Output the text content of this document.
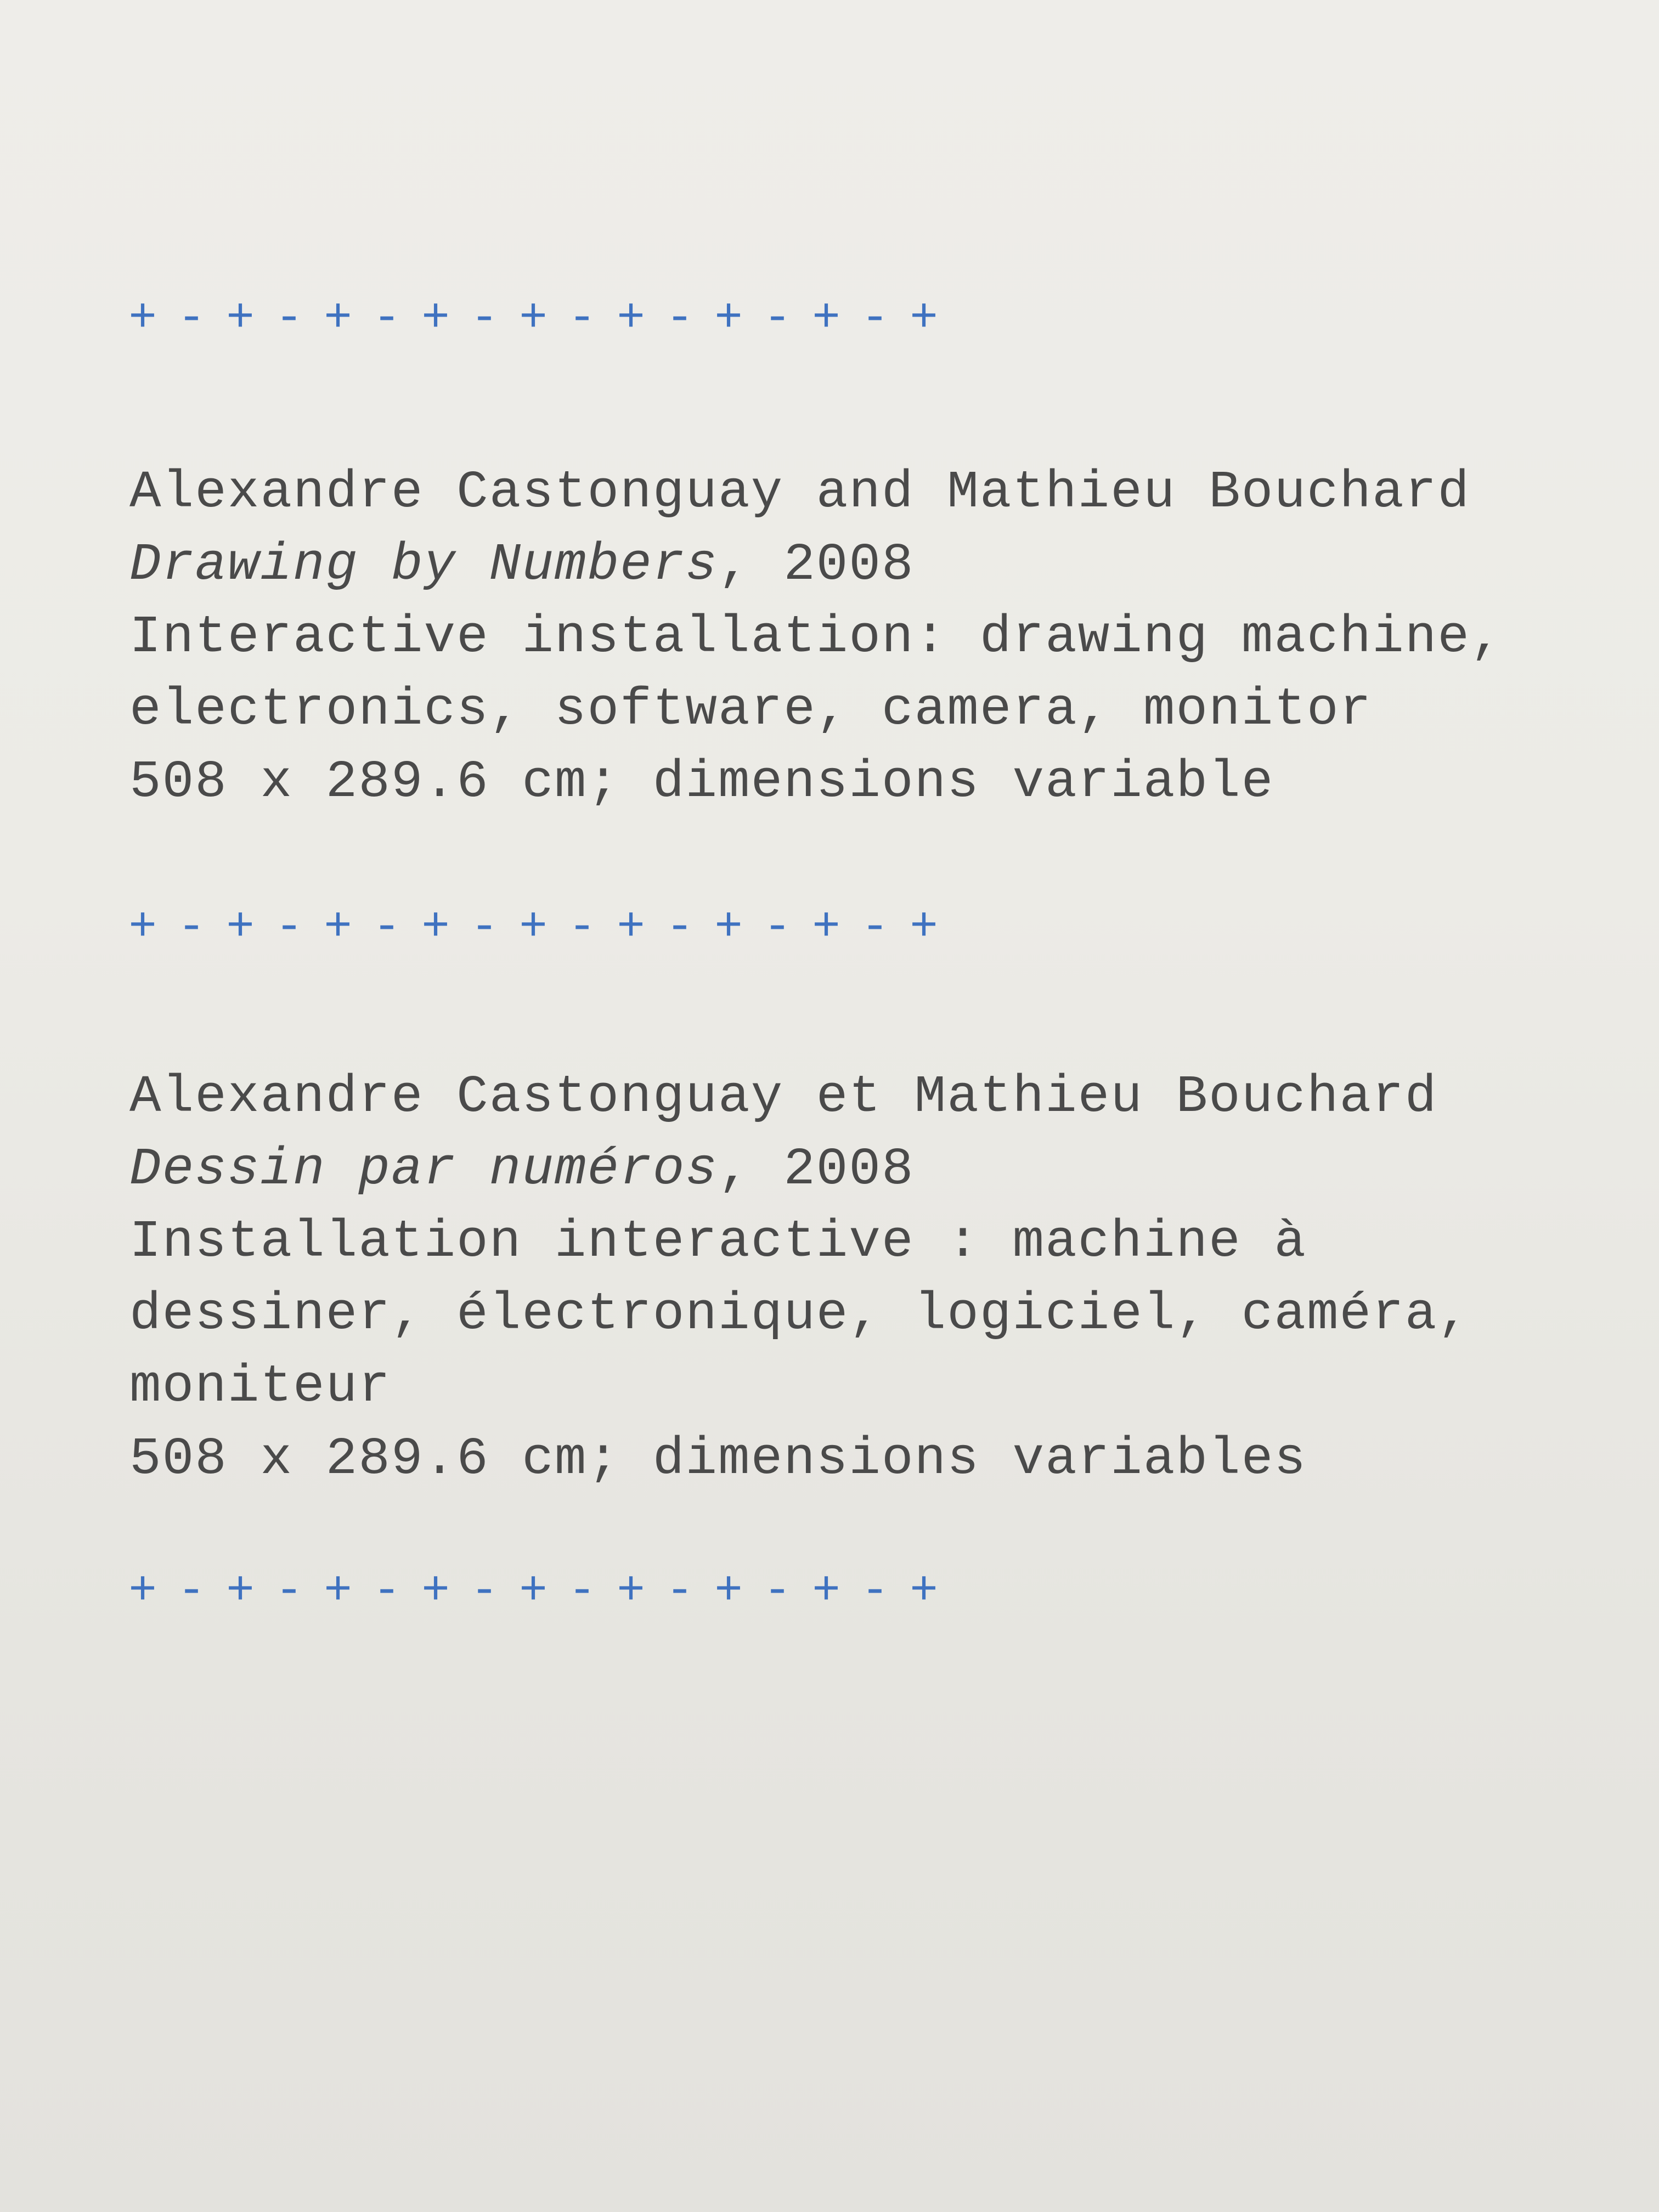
+ - + - + - + - + - + - + - + - +
Alexandre Castonguay and Mathieu Bouchard
Drawing by Numbers, 2008
Interactive installation: drawing machine,
electronics, software, camera, monitor
508 x 289.6 cm; dimensions variable
+ - + - + - + - + - + - + - + - +
Alexandre Castonguay et Mathieu Bouchard
Dessin par numéros, 2008
Installation interactive : machine à
dessiner, électronique, logiciel, caméra,
moniteur
508 x 289.6 cm; dimensions variables
+ - + - + - + - + - + - + - + - +
